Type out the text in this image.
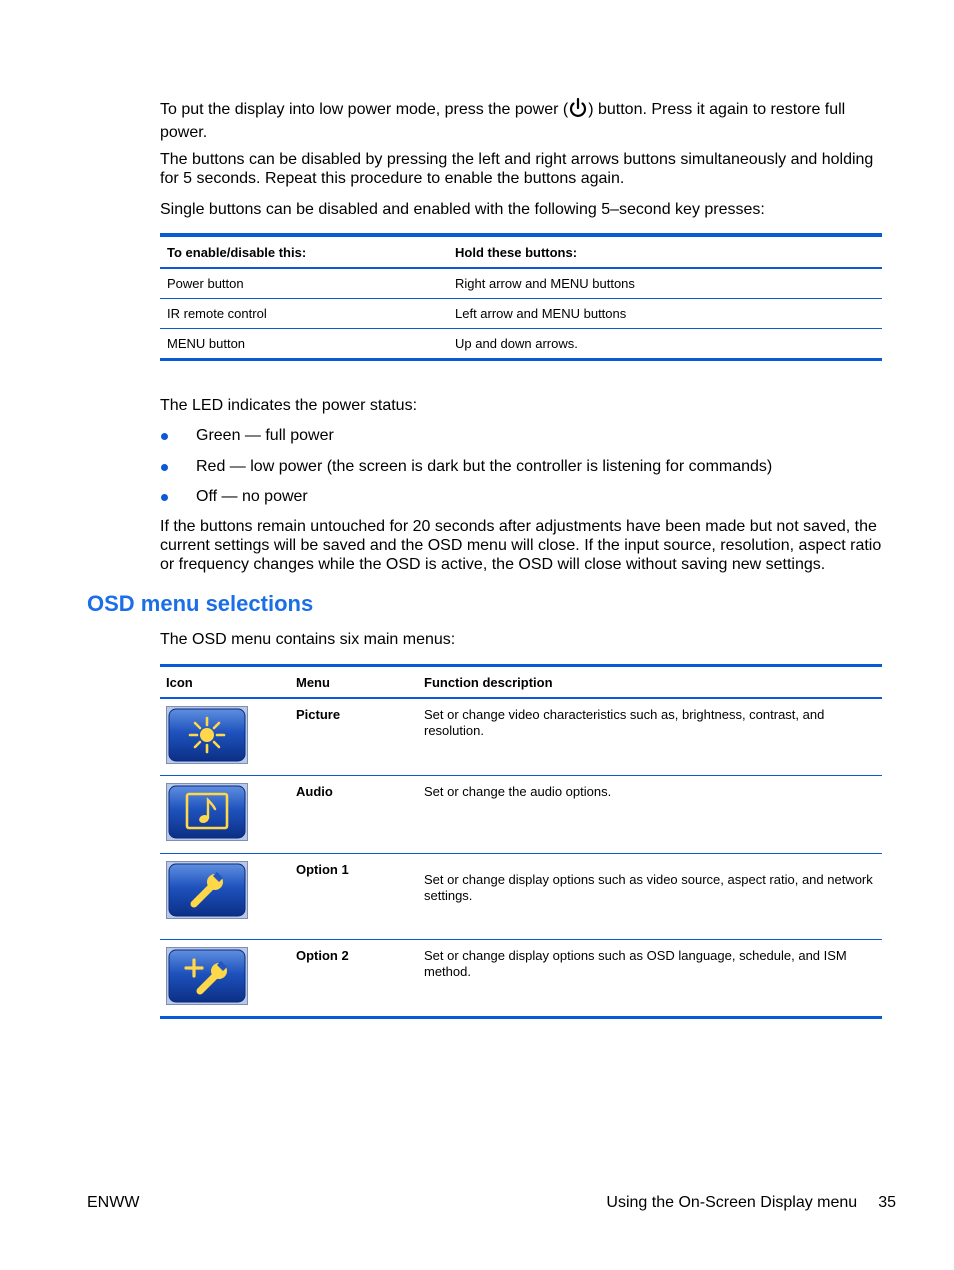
To put the display into low power mode, press the power ( ) button. Press it again to restore full power.

The buttons can be disabled by pressing the left and right arrows buttons simultaneously and holding for 5 seconds. Repeat this procedure to enable the buttons again.

Single buttons can be disabled and enabled with the following 5–second key presses:

To enable/disable this:	Hold these buttons:
Power button	Right arrow and MENU buttons
IR remote control	Left arrow and MENU buttons
MENU button	Up and down arrows.

The LED indicates the power status:

Green — full power
Red — low power (the screen is dark but the controller is listening for commands)
Off — no power

If the buttons remain untouched for 20 seconds after adjustments have been made but not saved, the current settings will be saved and the OSD menu will close. If the input source, resolution, aspect ratio or frequency changes while the OSD is active, the OSD will close without saving new settings.

OSD menu selections

The OSD menu contains six main menus:

Icon	Menu	Function description

	Picture	Set or change video characteristics such as, brightness, contrast, and resolution.

	Audio	Set or change the audio options.

	Option 1	Set or change display options such as video source, aspect ratio, and network settings.

	Option 2	Set or change display options such as OSD language, schedule, and ISM method.
ENWW	Using the On-Screen Display menu 35
